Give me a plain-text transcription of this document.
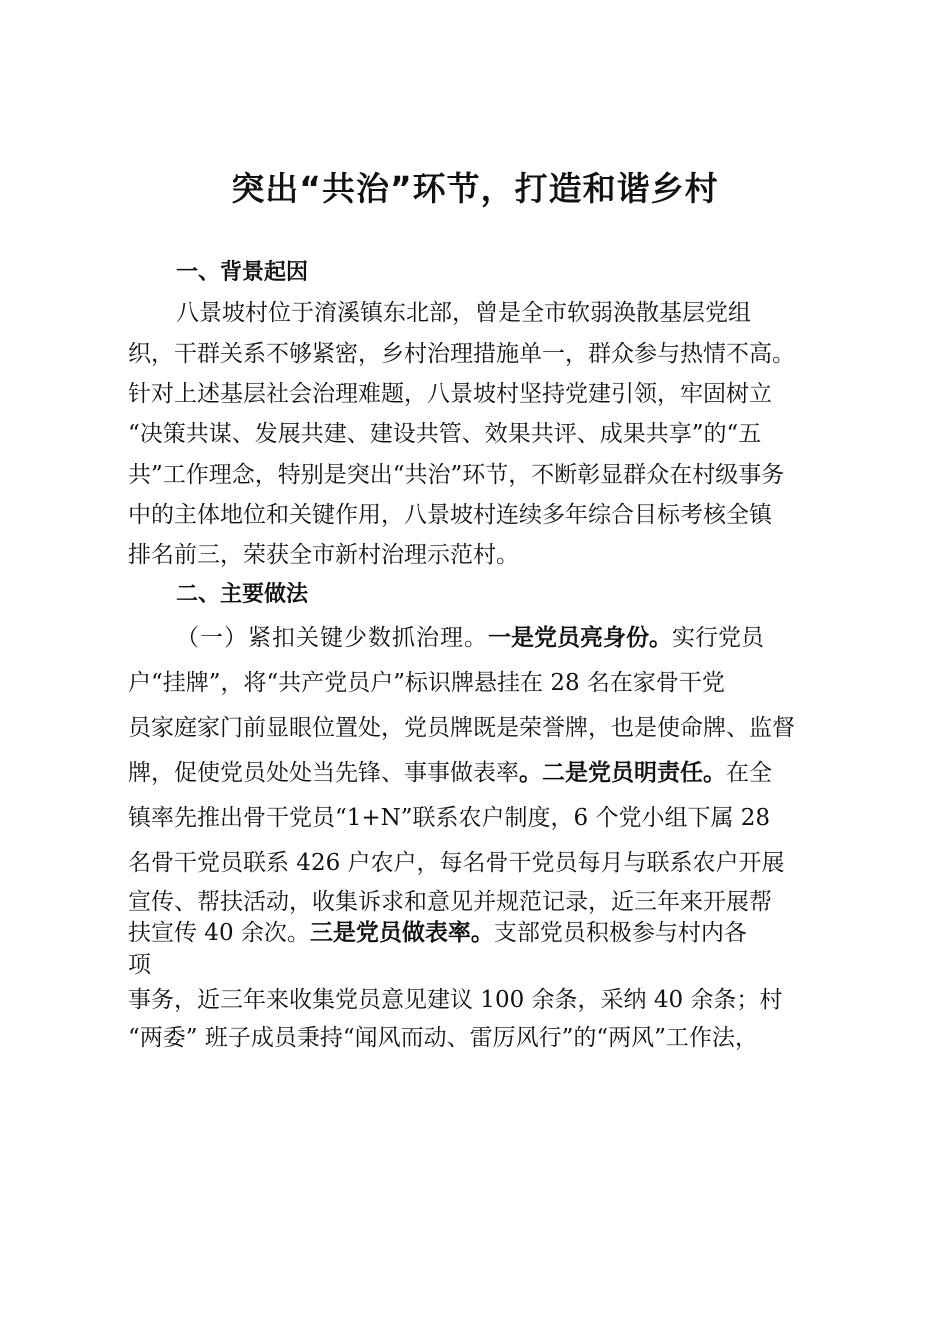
突出“共治”环节，打造和谐乡村

一、背景起因

八景坡村位于淯溪镇东北部，曾是全市软弱涣散基层党组

织，干群关系不够紧密，乡村治理措施单一，群众参与热情不高。

针对上述基层社会治理难题，八景坡村坚持党建引领，牢固树立

“决策共谋、发展共建、建设共管、效果共评、成果共享”的“五

共”工作理念，特别是突出“共治”环节，不断彰显群众在村级事务

中的主体地位和关键作用，八景坡村连续多年综合目标考核全镇

排名前三，荣获全市新村治理示范村。

二、主要做法

（一）紧扣关键少数抓治理。一是党员亮身份。实行党员

户“挂牌”，将“共产党员户”标识牌悬挂在 28 名在家骨干党

员家庭家门前显眼位置处，党员牌既是荣誉牌，也是使命牌、监督

牌，促使党员处处当先锋、事事做表率。二是党员明责任。在全

镇率先推出骨干党员“1+N”联系农户制度，6 个党小组下属 28

名骨干党员联系 426 户农户，每名骨干党员每月与联系农户开展

宣传、帮扶活动，收集诉求和意见并规范记录，近三年来开展帮

扶宣传 40 余次。三是党员做表率。支部党员积极参与村内各

项

事务，近三年来收集党员意见建议 100 余条，采纳 40 余条；村

“两委” 班子成员秉持“闻风而动、雷厉风行”的“两风”工作法，
